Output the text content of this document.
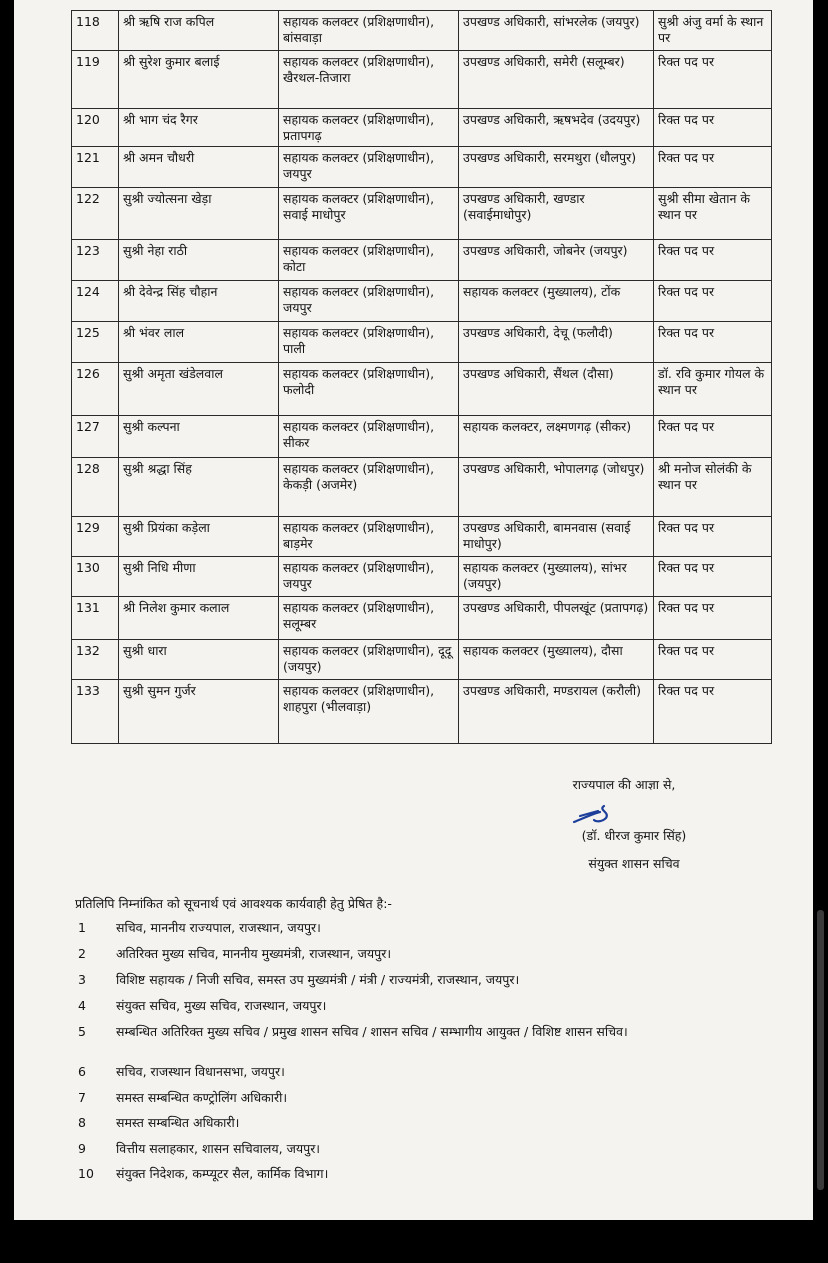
118	श्री ऋषि राज कपिल	सहायक कलक्टर (प्रशिक्षणाधीन), बांसवाड़ा	उपखण्ड अधिकारी, सांभरलेक (जयपुर)	सुश्री अंजु वर्मा के स्थान पर
119	श्री सुरेश कुमार बलाई	सहायक कलक्टर (प्रशिक्षणाधीन), खैरथल-तिजारा	उपखण्ड अधिकारी, समेरी (सलूम्बर)	रिक्त पद पर
120	श्री भाग चंद रैगर	सहायक कलक्टर (प्रशिक्षणाधीन), प्रतापगढ़	उपखण्ड अधिकारी, ऋषभदेव (उदयपुर)	रिक्त पद पर
121	श्री अमन चौधरी	सहायक कलक्टर (प्रशिक्षणाधीन), जयपुर	उपखण्ड अधिकारी, सरमथुरा (धौलपुर)	रिक्त पद पर
122	सुश्री ज्योत्सना खेड़ा	सहायक कलक्टर (प्रशिक्षणाधीन), सवाई माधोपुर	उपखण्ड अधिकारी, खण्डार (सवाईमाधोपुर)	सुश्री सीमा खेतान के स्थान पर
123	सुश्री नेहा राठी	सहायक कलक्टर (प्रशिक्षणाधीन), कोटा	उपखण्ड अधिकारी, जोबनेर (जयपुर)	रिक्त पद पर
124	श्री देवेन्द्र सिंह चौहान	सहायक कलक्टर (प्रशिक्षणाधीन), जयपुर	सहायक कलक्टर (मुख्यालय), टोंक	रिक्त पद पर
125	श्री भंवर लाल	सहायक कलक्टर (प्रशिक्षणाधीन), पाली	उपखण्ड अधिकारी, देचू (फलौदी)	रिक्त पद पर
126	सुश्री अमृता खंडेलवाल	सहायक कलक्टर (प्रशिक्षणाधीन), फलोदी	उपखण्ड अधिकारी, सैंथल (दौसा)	डॉ. रवि कुमार गोयल के स्थान पर
127	सुश्री कल्पना	सहायक कलक्टर (प्रशिक्षणाधीन), सीकर	सहायक कलक्टर, लक्ष्मणगढ़ (सीकर)	रिक्त पद पर
128	सुश्री श्रद्धा सिंह	सहायक कलक्टर (प्रशिक्षणाधीन), केकड़ी (अजमेर)	उपखण्ड अधिकारी, भोपालगढ़ (जोधपुर)	श्री मनोज सोलंकी के स्थान पर
129	सुश्री प्रियंका कड़ेला	सहायक कलक्टर (प्रशिक्षणाधीन), बाड़मेर	उपखण्ड अधिकारी, बामनवास (सवाई माधोपुर)	रिक्त पद पर
130	सुश्री निधि मीणा	सहायक कलक्टर (प्रशिक्षणाधीन), जयपुर	सहायक कलक्टर (मुख्यालय), सांभर (जयपुर)	रिक्त पद पर
131	श्री निलेश कुमार कलाल	सहायक कलक्टर (प्रशिक्षणाधीन), सलूम्बर	उपखण्ड अधिकारी, पीपलखूंट (प्रतापगढ़)	रिक्त पद पर
132	सुश्री धारा	सहायक कलक्टर (प्रशिक्षणाधीन), दूदू (जयपुर)	सहायक कलक्टर (मुख्यालय), दौसा	रिक्त पद पर
133	सुश्री सुमन गुर्जर	सहायक कलक्टर (प्रशिक्षणाधीन), शाहपुरा (भीलवाड़ा)	उपखण्ड अधिकारी, मण्डरायल (करौली)	रिक्त पद पर
राज्यपाल की आज्ञा से,
(डॉ. धीरज कुमार सिंह)
संयुक्त शासन सचिव
प्रतिलिपि निम्नांकित को सूचनार्थ एवं आवश्यक कार्यवाही हेतु प्रेषित है:-
1 सचिव, माननीय राज्यपाल, राजस्थान, जयपुर।
2 अतिरिक्त मुख्य सचिव, माननीय मुख्यमंत्री, राजस्थान, जयपुर।
3 विशिष्ट सहायक / निजी सचिव, समस्त उप मुख्यमंत्री / मंत्री / राज्यमंत्री, राजस्थान, जयपुर।
4 संयुक्त सचिव, मुख्य सचिव, राजस्थान, जयपुर।
5 सम्बन्धित अतिरिक्त मुख्य सचिव / प्रमुख शासन सचिव / शासन सचिव / सम्भागीय आयुक्त / विशिष्ट शासन सचिव।
6 सचिव, राजस्थान विधानसभा, जयपुर।
7 समस्त सम्बन्धित कण्ट्रोलिंग अधिकारी।
8 समस्त सम्बन्धित अधिकारी।
9 वित्तीय सलाहकार, शासन सचिवालय, जयपुर।
10 संयुक्त निदेशक, कम्प्यूटर सैल, कार्मिक विभाग।
